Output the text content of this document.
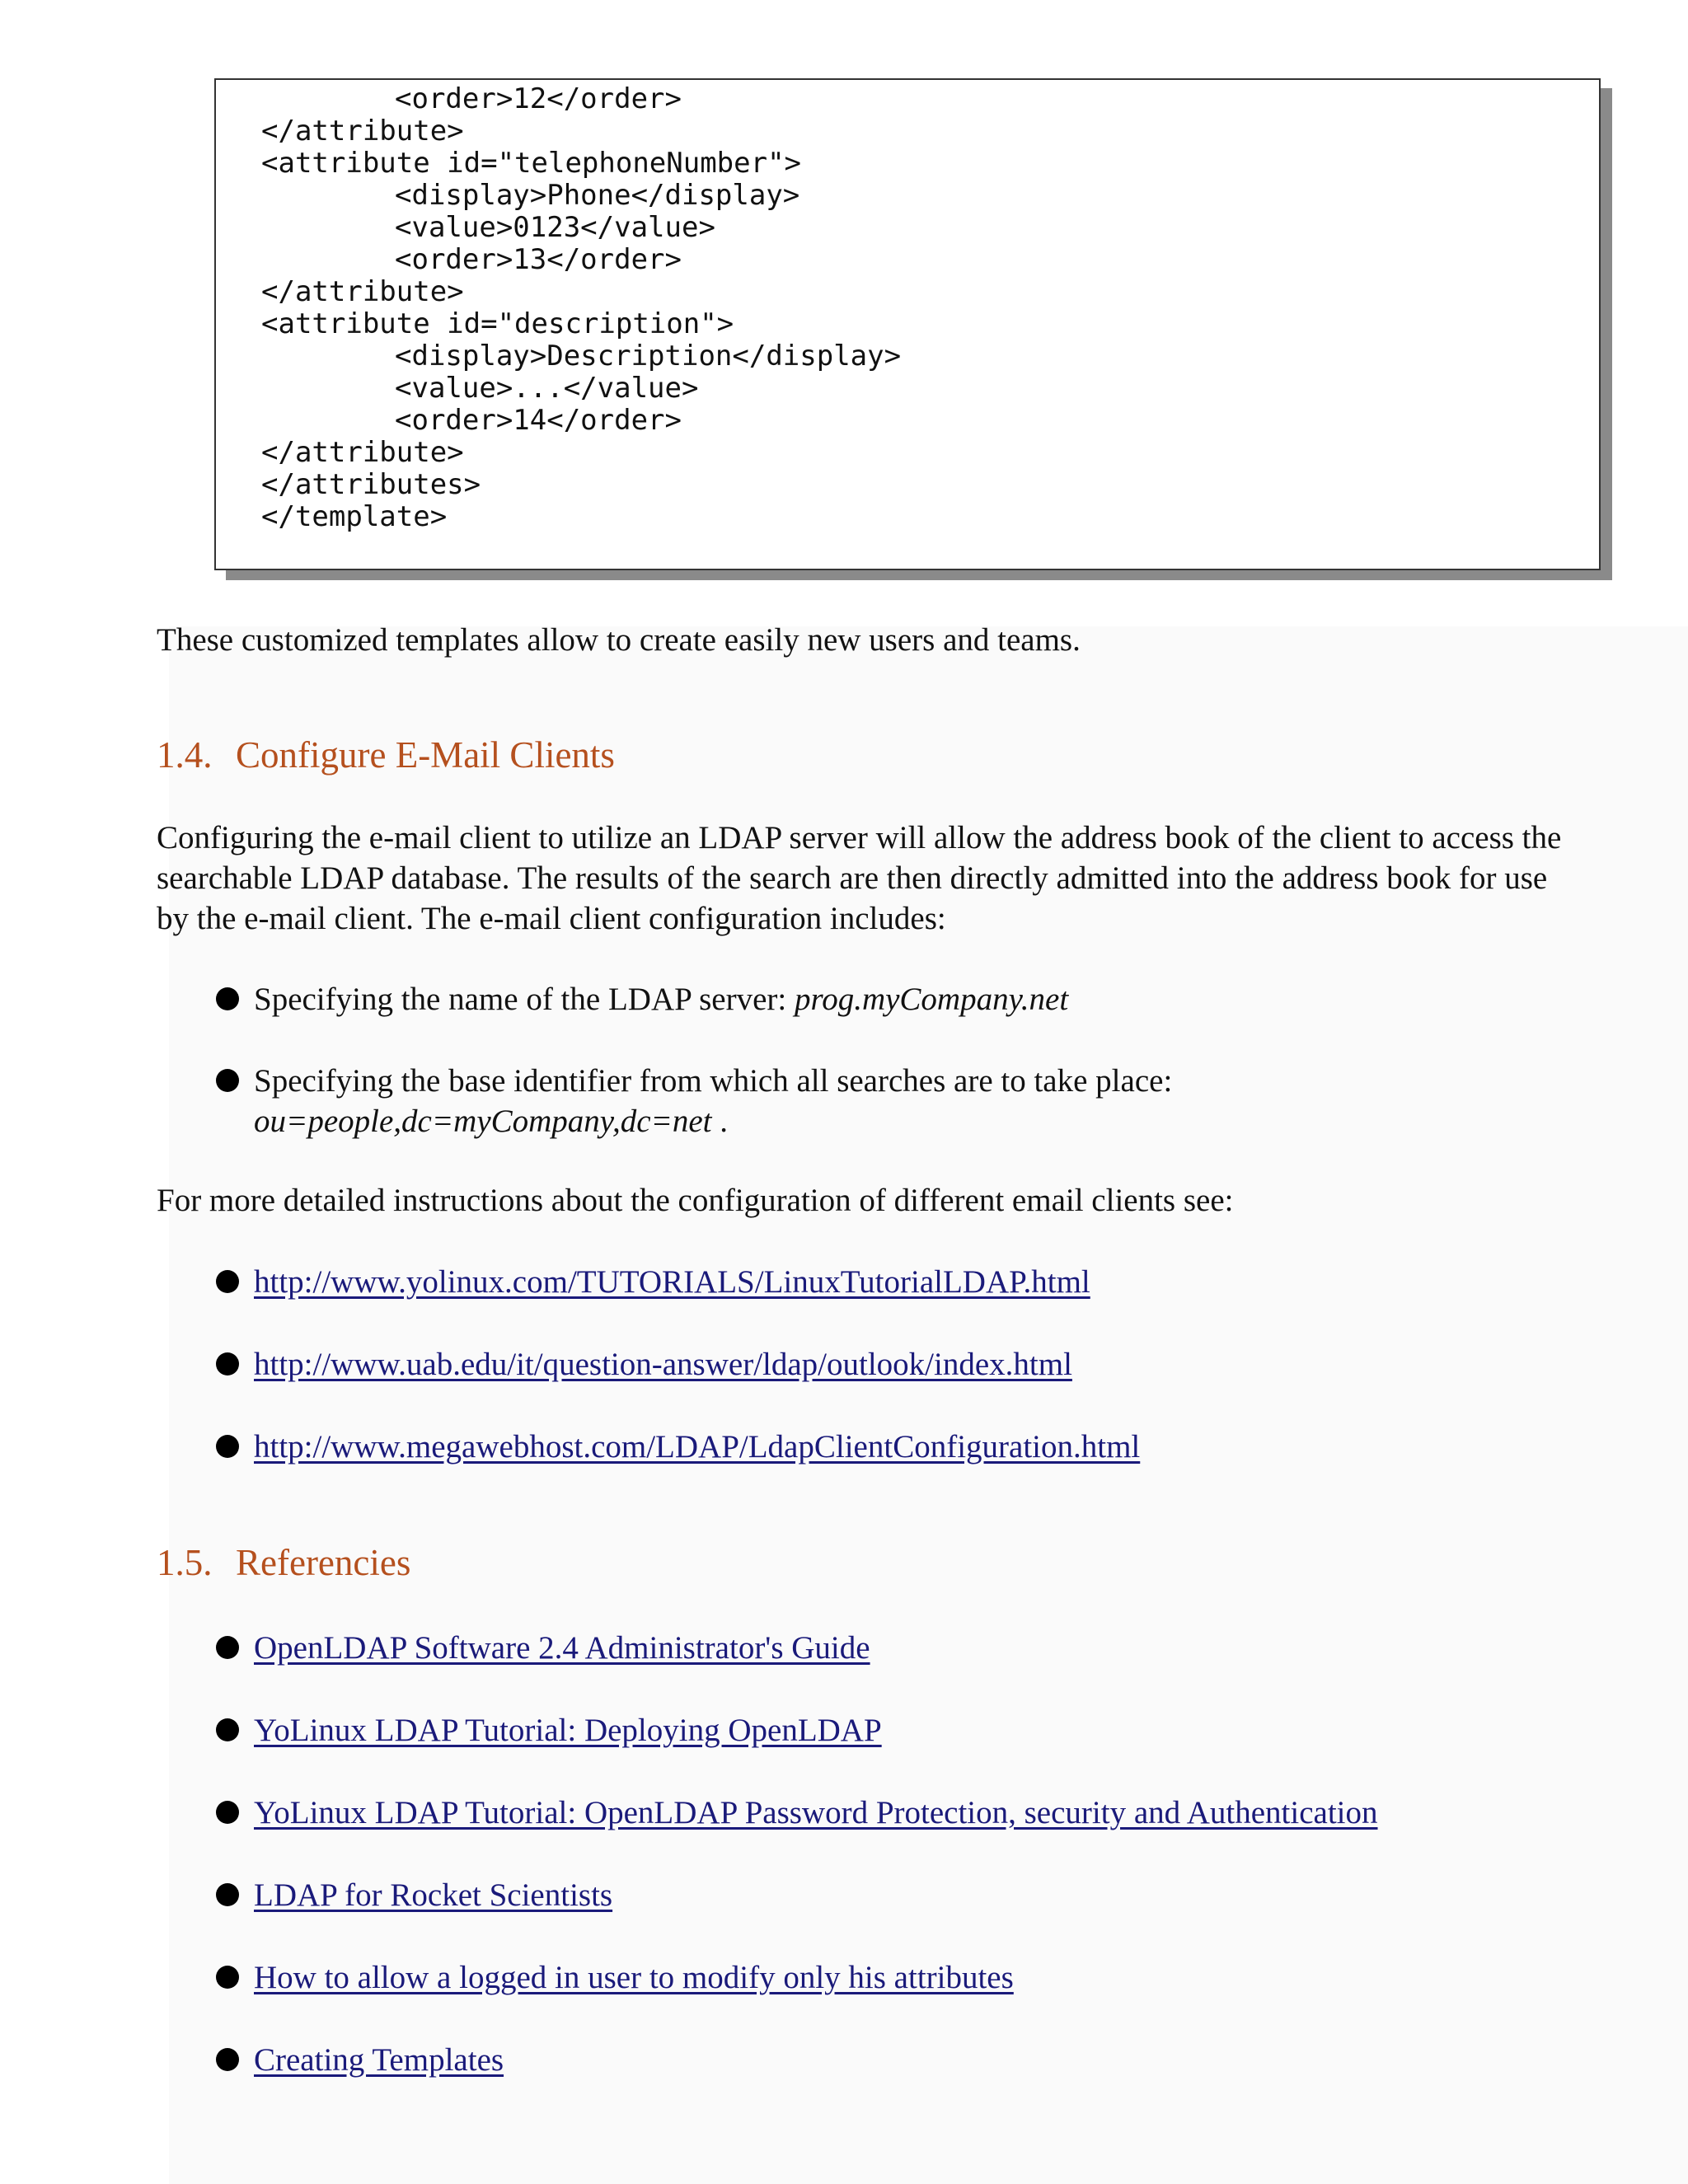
<order>12</order>
</attribute>
<attribute id="telephoneNumber">
<display>Phone</display>
<value>0123</value>
<order>13</order>
</attribute>
<attribute id="description">
<display>Description</display>
<value>...</value>
<order>14</order>
</attribute>
</attributes>
</template>
These customized templates allow to create easily new users and teams.
1.4. Configure E-Mail Clients
Configuring the e-mail client to utilize an LDAP server will allow the address book of the client to access the
searchable LDAP database. The results of the search are then directly admitted into the address book for use
by the e-mail client. The e-mail client configuration includes:
Specifying the name of the LDAP server: prog.myCompany.net
Specifying the base identifier from which all searches are to take place:
ou=people,dc=myCompany,dc=net .
For more detailed instructions about the configuration of different email clients see:
http://www.yolinux.com/TUTORIALS/LinuxTutorialLDAP.html
http://www.uab.edu/it/question-answer/ldap/outlook/index.html
http://www.megawebhost.com/LDAP/LdapClientConfiguration.html
1.5. Referencies
OpenLDAP Software 2.4 Administrator's Guide
YoLinux LDAP Tutorial: Deploying OpenLDAP
YoLinux LDAP Tutorial: OpenLDAP Password Protection, security and Authentication
LDAP for Rocket Scientists
How to allow a logged in user to modify only his attributes
Creating Templates
